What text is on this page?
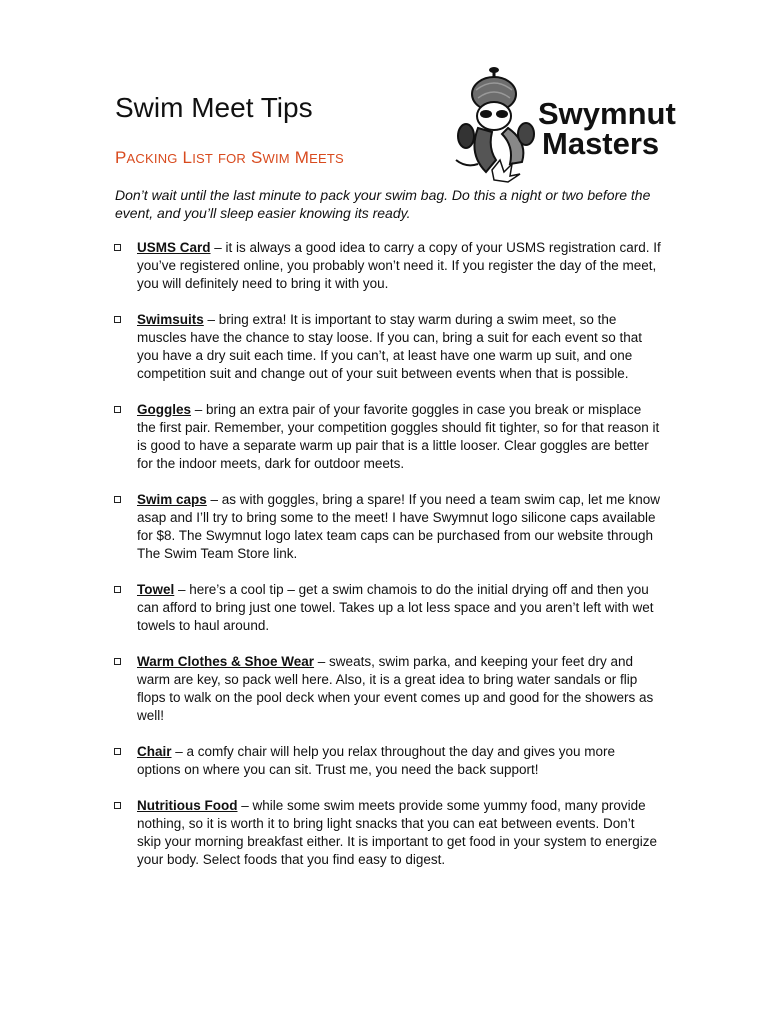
Swim Meet Tips
PACKING LIST FOR SWIM MEETS
Swymnut
Masters

Don’t wait until the last minute to pack your swim bag. Do this a night or two before the event, and you’ll sleep easier knowing its ready.

USMS Card – it is always a good idea to carry a copy of your USMS registration card. If you’ve registered online, you probably won’t need it. If you register the day of the meet, you will definitely need to bring it with you.
Swimsuits – bring extra! It is important to stay warm during a swim meet, so the muscles have the chance to stay loose. If you can, bring a suit for each event so that you have a dry suit each time. If you can’t, at least have one warm up suit, and one competition suit and change out of your suit between events when that is possible.
Goggles – bring an extra pair of your favorite goggles in case you break or misplace the first pair. Remember, your competition goggles should fit tighter, so for that reason it is good to have a separate warm up pair that is a little looser. Clear goggles are better for the indoor meets, dark for outdoor meets.
Swim caps – as with goggles, bring a spare! If you need a team swim cap, let me know asap and I’ll try to bring some to the meet! I have Swymnut logo silicone caps available for $8. The Swymnut logo latex team caps can be purchased from our website through The Swim Team Store link.
Towel – here’s a cool tip – get a swim chamois to do the initial drying off and then you can afford to bring just one towel. Takes up a lot less space and you aren’t left with wet towels to haul around.
Warm Clothes & Shoe Wear – sweats, swim parka, and keeping your feet dry and warm are key, so pack well here. Also, it is a great idea to bring water sandals or flip flops to walk on the pool deck when your event comes up and good for the showers as well!
Chair – a comfy chair will help you relax throughout the day and gives you more options on where you can sit. Trust me, you need the back support!
Nutritious Food – while some swim meets provide some yummy food, many provide nothing, so it is worth it to bring light snacks that you can eat between events. Don’t skip your morning breakfast either. It is important to get food in your system to energize your body. Select foods that you find easy to digest.
